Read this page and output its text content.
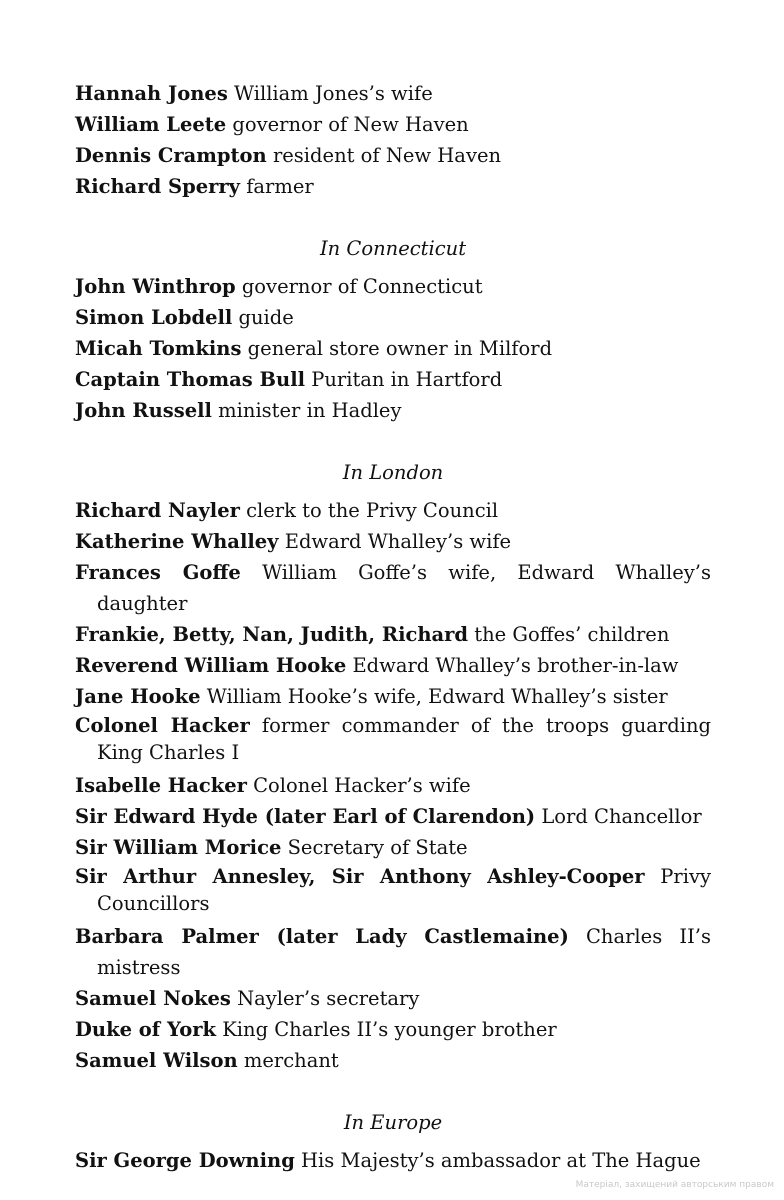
Hannah Jones William Jones’s wife
William Leete governor of New Haven
Dennis Crampton resident of New Haven
Richard Sperry farmer
In Connecticut
John Winthrop governor of Connecticut
Simon Lobdell guide
Micah Tomkins general store owner in Milford
Captain Thomas Bull Puritan in Hartford
John Russell minister in Hadley
In London
Richard Nayler clerk to the Privy Council
Katherine Whalley Edward Whalley’s wife
Frances Goffe William Goffe’s wife, Edward Whalley’s daughter
Frankie, Betty, Nan, Judith, Richard the Goffes’ children
Reverend William Hooke Edward Whalley’s brother-in-law
Jane Hooke William Hooke’s wife, Edward Whalley’s sister
Colonel Hacker former commander of the troops guarding King Charles I
Isabelle Hacker Colonel Hacker’s wife
Sir Edward Hyde (later Earl of Clarendon) Lord Chancellor
Sir William Morice Secretary of State
Sir Arthur Annesley, Sir Anthony Ashley-Cooper Privy Councillors
Barbara Palmer (later Lady Castlemaine) Charles II’s mistress
Samuel Nokes Nayler’s secretary
Duke of York King Charles II’s younger brother
Samuel Wilson merchant
In Europe
Sir George Downing His Majesty’s ambassador at The Hague
Матеріал, захищений авторським правом
